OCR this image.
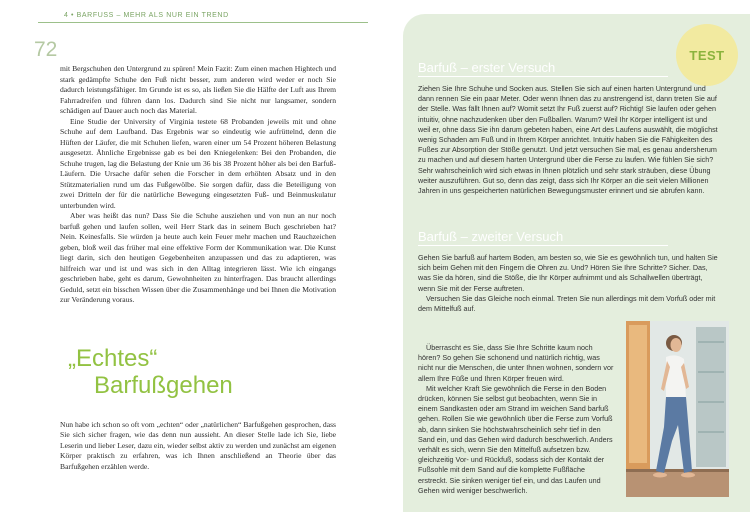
4 • BARFUSS – MEHR ALS NUR EIN TREND
72

mit Bergschuhen den Untergrund zu spüren! Mein Fazit: Zum einen machen Hightech und stark gedämpfte Schuhe den Fuß nicht besser, zum anderen wird weder er noch Sie dadurch leistungsfähiger. Im Grunde ist es so, als ließen Sie die Hälfte der Luft aus Ihrem Fahrradreifen und führen dann los. Dadurch sind Sie nicht nur langsamer, sondern schädigen auf Dauer auch noch das Material.

Eine Studie der University of Virginia testete 68 Probanden jeweils mit und ohne Schuhe auf dem Laufband. Das Ergebnis war so eindeutig wie aufrüttelnd, denn die Hüften der Läufer, die mit Schuhen liefen, waren einer um 54 Prozent höheren Belastung ausgesetzt. Ähnliche Ergebnisse gab es bei den Kniegelenken: Bei den Probanden, die Schuhe trugen, lag die Belastung der Knie um 36 bis 38 Prozent höher als bei den Barfuß-Läufern. Die Ursache dafür sehen die Forscher in dem erhöhten Absatz und in den Stützmaterialien rund um das Fußgewölbe. Sie sorgen dafür, dass die Beteiligung von zwei Dritteln der für die natürliche Bewegung eingesetzten Fuß- und Beinmuskulatur unterbunden wird.

Aber was heißt das nun? Dass Sie die Schuhe ausziehen und von nun an nur noch barfuß gehen und laufen sollen, weil Herr Stark das in seinem Buch geschrieben hat? Nein. Keinesfalls. Sie würden ja heute auch kein Feuer mehr machen und Rauchzeichen geben, bloß weil das früher mal eine effektive Form der Kommunikation war. Die Kunst liegt darin, sich den heutigen Gegebenheiten anzupassen und das zu adaptieren, was hilfreich war und ist und was sich in den Alltag integrieren lässt. Wie ich eingangs geschrieben habe, geht es darum, Gewohnheiten zu hinterfragen. Das braucht allerdings Geduld, setzt ein bisschen Wissen über die Zusammenhänge und bei Ihnen die Motivation zur Veränderung voraus.

„Echtes“
Barfußgehen

Nun habe ich schon so oft vom „echten“ oder „natürlichen“ Barfußgehen gesprochen, dass Sie sich sicher fragen, wie das denn nun aussieht. An dieser Stelle lade ich Sie, liebe Leserin und lieber Leser, dazu ein, wieder selbst aktiv zu werden und zunächst am eigenen Körper praktisch zu erfahren, was ich Ihnen anschließend an Theorie über das Barfußgehen erzählen werde.

TEST
Barfuß – erster Versuch

Ziehen Sie Ihre Schuhe und Socken aus. Stellen Sie sich auf einen harten Untergrund und dann rennen Sie ein paar Meter. Oder wenn Ihnen das zu anstrengend ist, dann treten Sie auf der Stelle. Was fällt Ihnen auf? Womit setzt Ihr Fuß zuerst auf? Richtig! Sie laufen oder gehen intuitiv, ohne nachzudenken über den Fußballen. Warum? Weil Ihr Körper intelligent ist und weil er, ohne dass Sie ihn darum gebeten haben, eine Art des Laufens auswählt, die möglichst wenig Schaden am Fuß und in Ihrem Körper anrichtet. Intuitiv haben Sie die Fähigkeiten des Fußes zur Absorption der Stöße genutzt. Und jetzt versuchen Sie mal, es genau andersherum zu machen und auf diesem harten Untergrund über die Ferse zu laufen. Wie fühlen Sie sich? Sehr wahrscheinlich wird sich etwas in Ihnen plötzlich und sehr stark sträuben, diese Übung weiter auszuführen. Gut so, denn das zeigt, dass sich Ihr Körper an die seit vielen Millionen Jahren in uns gespeicherten natürlichen Bewegungsmuster erinnert und sie abrufen kann.

Barfuß – zweiter Versuch

Gehen Sie barfuß auf hartem Boden, am besten so, wie Sie es gewöhnlich tun, und halten Sie sich beim Gehen mit den Fingern die Ohren zu. Und? Hören Sie Ihre Schritte? Sicher. Das, was Sie da hören, sind die Stöße, die Ihr Körper aufnimmt und als Schallwellen überträgt, wenn Sie mit der Ferse auftreten.

Versuchen Sie das Gleiche noch einmal. Treten Sie nun allerdings mit dem Vorfuß oder mit dem Mittelfuß auf.

Überrascht es Sie, dass Sie Ihre Schritte kaum noch hören? So gehen Sie schonend und natürlich richtig, was nicht nur die Menschen, die unter Ihnen wohnen, sondern vor allem Ihre Füße und Ihren Körper freuen wird.

Mit welcher Kraft Sie gewöhnlich die Ferse in den Boden drücken, können Sie selbst gut beobachten, wenn Sie in einem Sandkasten oder am Strand im weichen Sand barfuß gehen. Rollen Sie wie gewöhnlich über die Ferse zum Vorfuß ab, dann sinken Sie höchstwahrscheinlich sehr tief in den Sand ein, und das Gehen wird dadurch beschwerlich. Anders verhält es sich, wenn Sie den Mittelfuß aufsetzen bzw. gleichzeitig Vor- und Rückfuß, sodass sich der Kontakt der Fußsohle mit dem Sand auf die komplette Fußfläche erstreckt. Sie sinken weniger tief ein, und das Laufen und Gehen wird weniger beschwerlich.
